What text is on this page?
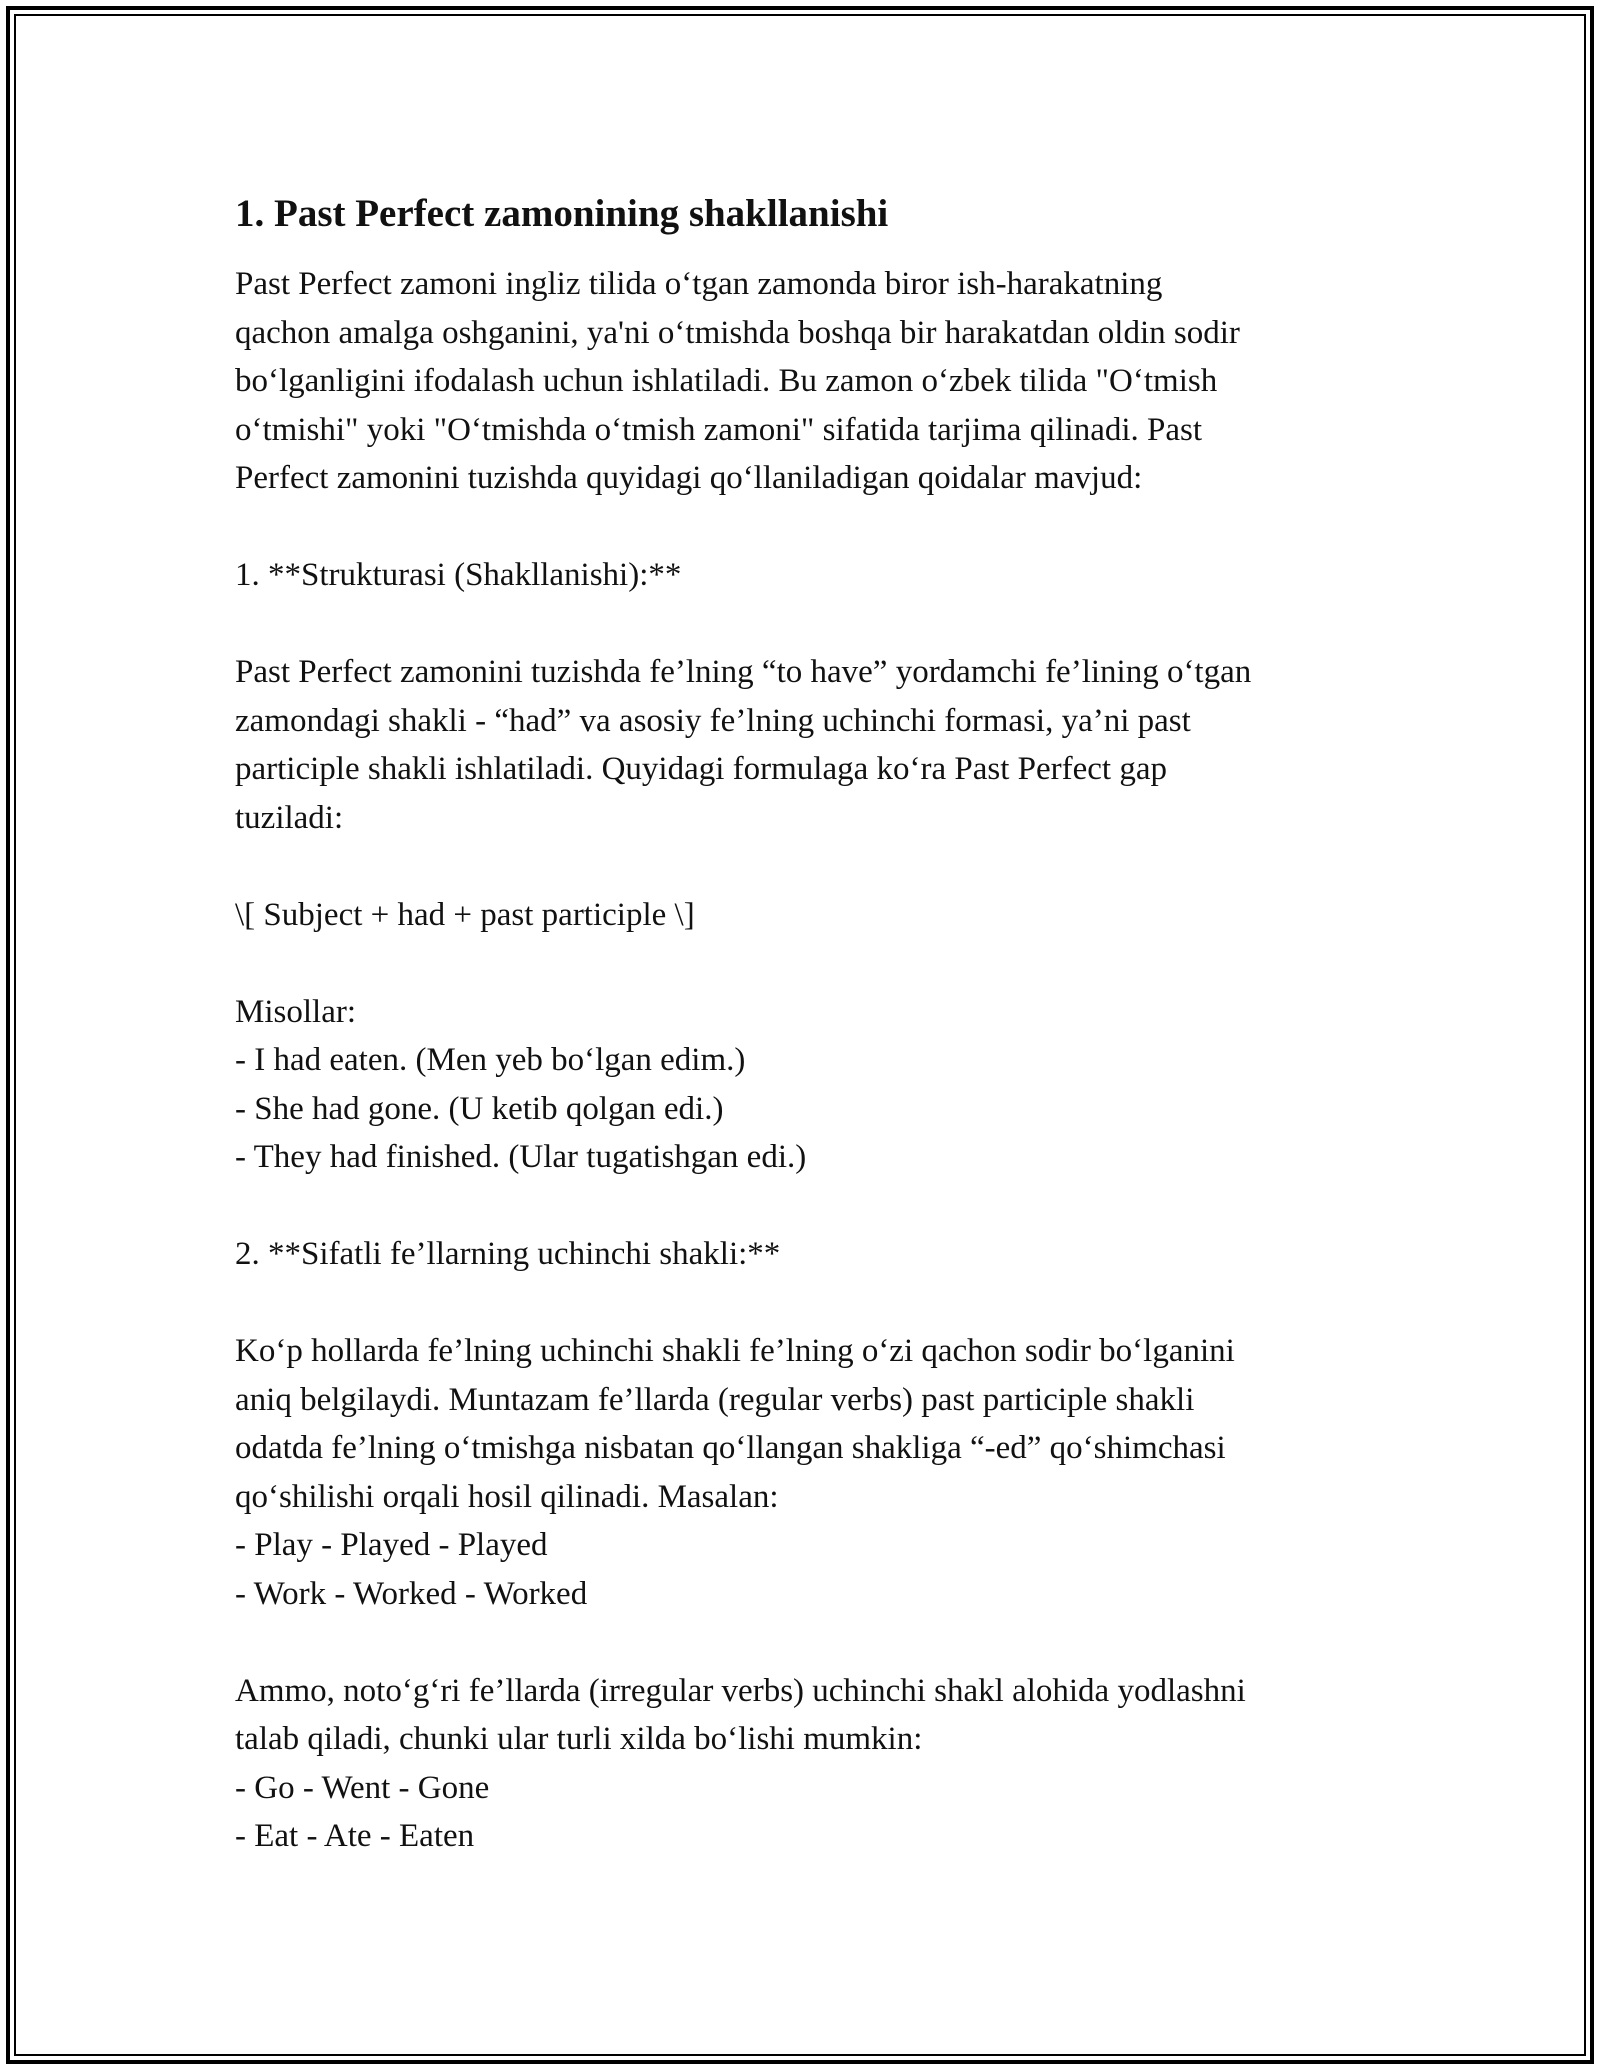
1. Past Perfect zamonining shakllanishi

Past Perfect zamoni ingliz tilida o‘tgan zamonda biror ish-harakatning
qachon amalga oshganini, ya'ni o‘tmishda boshqa bir harakatdan oldin sodir
bo‘lganligini ifodalash uchun ishlatiladi. Bu zamon o‘zbek tilida "O‘tmish
o‘tmishi" yoki "O‘tmishda o‘tmish zamoni" sifatida tarjima qilinadi. Past
Perfect zamonini tuzishda quyidagi qo‘llaniladigan qoidalar mavjud:

1. **Strukturasi (Shakllanishi):**

Past Perfect zamonini tuzishda fe’lning “to have” yordamchi fe’lining o‘tgan
zamondagi shakli - “had” va asosiy fe’lning uchinchi formasi, ya’ni past
participle shakli ishlatiladi. Quyidagi formulaga ko‘ra Past Perfect gap
tuziladi:

\[ Subject + had + past participle \]

Misollar:
- I had eaten. (Men yeb bo‘lgan edim.)
- She had gone. (U ketib qolgan edi.)
- They had finished. (Ular tugatishgan edi.)

2. **Sifatli fe’llarning uchinchi shakli:**

Ko‘p hollarda fe’lning uchinchi shakli fe’lning o‘zi qachon sodir bo‘lganini
aniq belgilaydi. Muntazam fe’llarda (regular verbs) past participle shakli
odatda fe’lning o‘tmishga nisbatan qo‘llangan shakliga “-ed” qo‘shimchasi
qo‘shilishi orqali hosil qilinadi. Masalan:
- Play - Played - Played
- Work - Worked - Worked

Ammo, noto‘g‘ri fe’llarda (irregular verbs) uchinchi shakl alohida yodlashni
talab qiladi, chunki ular turli xilda bo‘lishi mumkin:
- Go - Went - Gone
- Eat - Ate - Eaten
